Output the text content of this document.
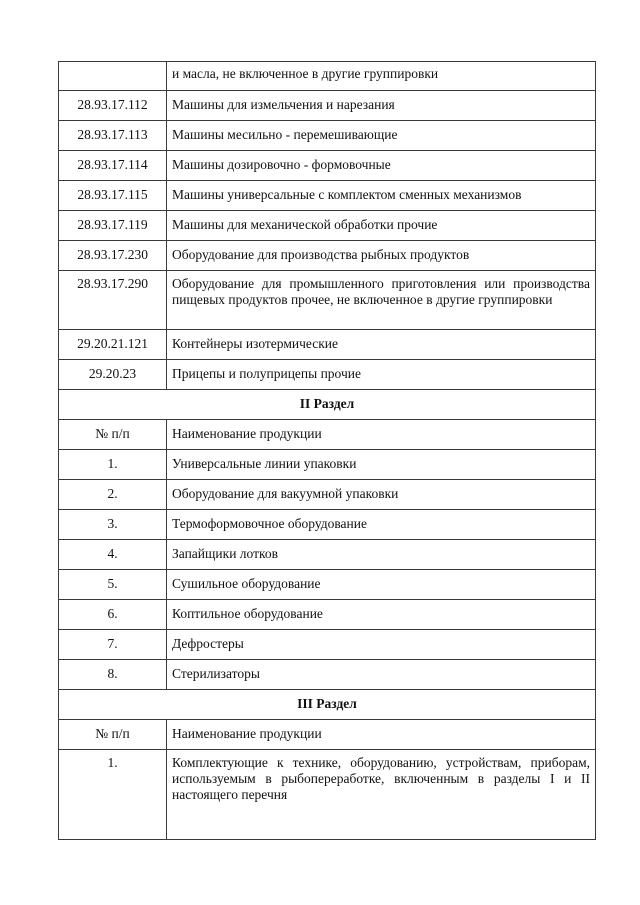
	и масла, не включенное в другие группировки
28.93.17.112	Машины для измельчения и нарезания
28.93.17.113	Машины месильно - перемешивающие
28.93.17.114	Машины дозировочно - формовочные
28.93.17.115	Машины универсальные с комплектом сменных механизмов
28.93.17.119	Машины для механической обработки прочие
28.93.17.230	Оборудование для производства рыбных продуктов
28.93.17.290	Оборудование для промышленного приготовления или производства пищевых продуктов прочее, не включенное в другие группировки
29.20.21.121	Контейнеры изотермические
29.20.23	Прицепы и полуприцепы прочие
II Раздел	
№ п/п	Наименование продукции
1.	Универсальные линии упаковки
2.	Оборудование для вакуумной упаковки
3.	Термоформовочное оборудование
4.	Запайщики лотков
5.	Сушильное оборудование
6.	Коптильное оборудование
7.	Дефростеры
8.	Стерилизаторы
III Раздел	
№ п/п	Наименование продукции
1.	Комплектующие к технике, оборудованию, устройствам, приборам, используемым в рыбопереработке, включенным в разделы I и II настоящего перечня
